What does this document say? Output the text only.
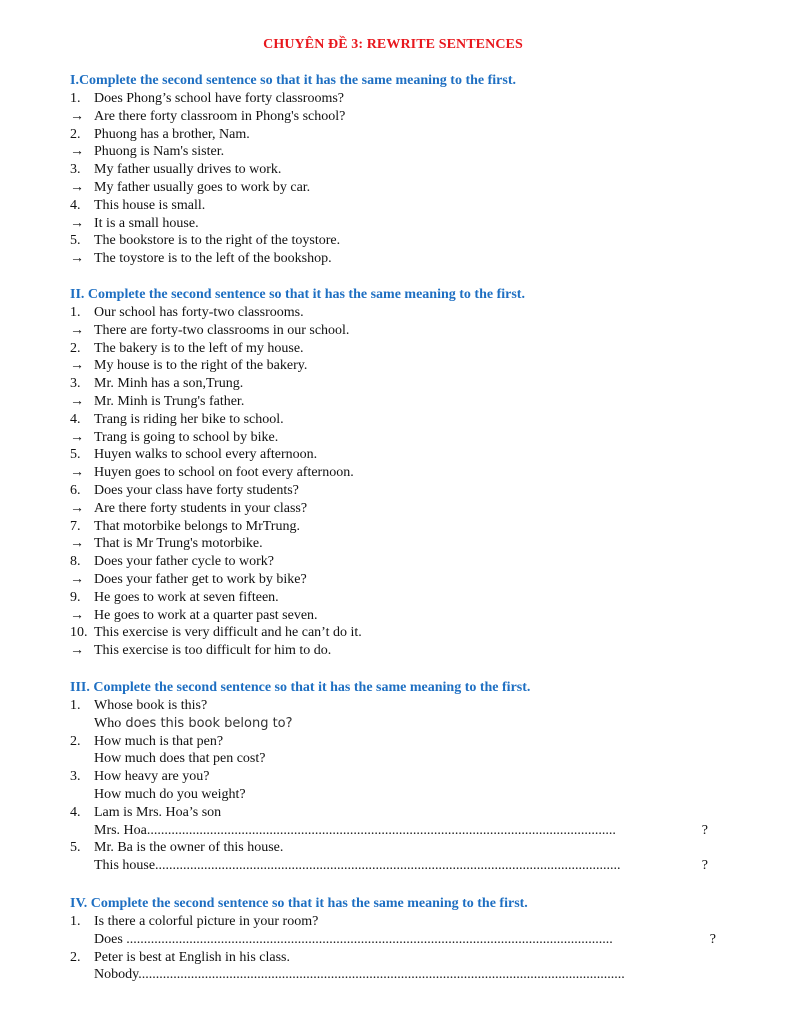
CHUYÊN ĐỀ 3: REWRITE SENTENCES
I.Complete the second sentence so that it has the same meaning to the first.
1. Does Phong’s school have forty classrooms?
→ Are there forty classroom in Phong's school?
2. Phuong has a brother, Nam.
→ Phuong is Nam's sister.
3. My father usually drives to work.
→ My father usually goes to work by car.
4. This house is small.
→ It is a small house.
5. The bookstore is to the right of the toystore.
→ The toystore is to the left of the bookshop.
II. Complete the second sentence so that it has the same meaning to the first.
1. Our school has forty-two classrooms.
→ There are forty-two classrooms in our school.
2. The bakery is to the left of my house.
→ My house is to the right of the bakery.
3. Mr. Minh has a son,Trung.
→ Mr. Minh is Trung's father.
4. Trang is riding her bike to school.
→ Trang is going to school by bike.
5. Huyen walks to school every afternoon.
→ Huyen goes to school on foot every afternoon.
6. Does your class have forty students?
→ Are there forty students in your class?
7. That motorbike belongs to MrTrung.
→ That is Mr Trung's motorbike.
8. Does your father cycle to work?
→ Does your father get to work by bike?
9. He goes to work at seven fifteen.
→ He goes to work at a quarter past seven.
10. This exercise is very difficult and he can’t do it.
→ This exercise is too difficult for him to do.
III. Complete the second sentence so that it has the same meaning to the first.
1. Whose book is this?
Who does this book belong to?
2. How much is that pen?
How much does that pen cost?
3. How heavy are you?
How much do you weight?
4. Lam is Mrs. Hoa’s son
Mrs. Hoa......................................................................................................................................	?
5. Mr. Ba is the owner of this house.
This house.....................................................................................................................................	?
IV. Complete the second sentence so that it has the same meaning to the first.
1. Is there a colorful picture in your room?
Does ...........................................................................................................................................	?
2. Peter is best at English in his class.
Nobody...........................................................................................................................................
